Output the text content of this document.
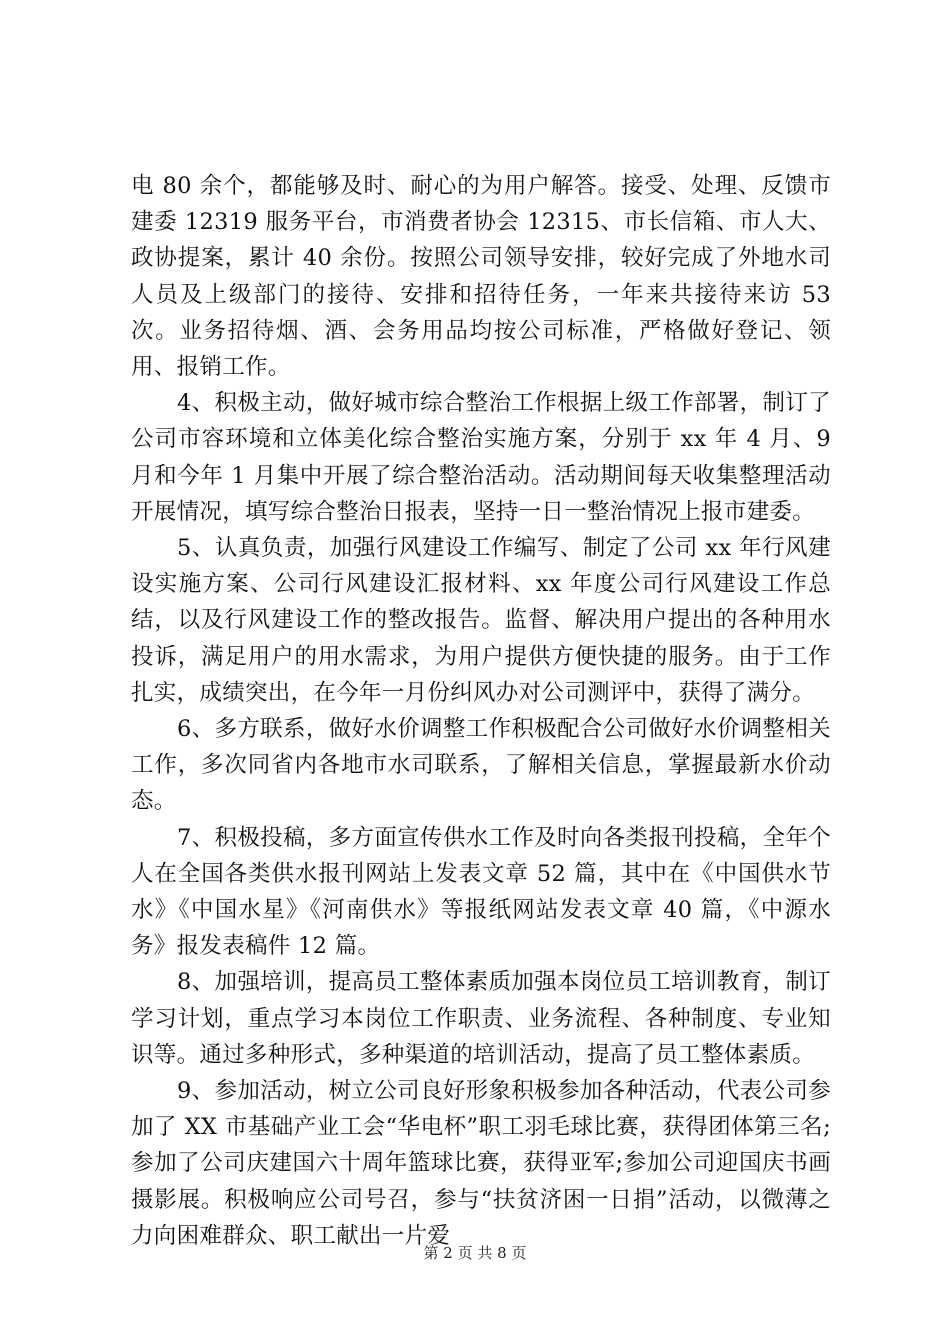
电 80 余个，都能够及时、耐心的为用户解答。接受、处理、反馈市建委 12319 服务平台，市消费者协会 12315、市长信箱、市人大、政协提案，累计 40 余份。按照公司领导安排，较好完成了外地水司人员及上级部门的接待、安排和招待任务，一年来共接待来访 53 次。业务招待烟、酒、会务用品均按公司标准，严格做好登记、领用、报销工作。

4、积极主动，做好城市综合整治工作根据上级工作部署，制订了公司市容环境和立体美化综合整治实施方案，分别于 xx 年 4 月、9 月和今年 1 月集中开展了综合整治活动。活动期间每天收集整理活动开展情况，填写综合整治日报表，坚持一日一整治情况上报市建委。

5、认真负责，加强行风建设工作编写、制定了公司 xx 年行风建设实施方案、公司行风建设汇报材料、xx 年度公司行风建设工作总结，以及行风建设工作的整改报告。监督、解决用户提出的各种用水投诉，满足用户的用水需求，为用户提供方便快捷的服务。由于工作扎实，成绩突出，在今年一月份纠风办对公司测评中，获得了满分。

6、多方联系，做好水价调整工作积极配合公司做好水价调整相关工作，多次同省内各地市水司联系，了解相关信息，掌握最新水价动态。

7、积极投稿，多方面宣传供水工作及时向各类报刊投稿，全年个人在全国各类供水报刊网站上发表文章 52 篇，其中在《中国供水节水》《中国水星》《河南供水》等报纸网站发表文章 40 篇，《中源水务》报发表稿件 12 篇。

8、加强培训，提高员工整体素质加强本岗位员工培训教育，制订学习计划，重点学习本岗位工作职责、业务流程、各种制度、专业知识等。通过多种形式，多种渠道的培训活动，提高了员工整体素质。

9、参加活动，树立公司良好形象积极参加各种活动，代表公司参加了 XX 市基础产业工会“华电杯”职工羽毛球比赛，获得团体第三名;参加了公司庆建国六十周年篮球比赛，获得亚军;参加公司迎国庆书画摄影展。积极响应公司号召，参与“扶贫济困一日捐”活动，以微薄之力向困难群众、职工献出一片爱

第 2 页 共 8 页
